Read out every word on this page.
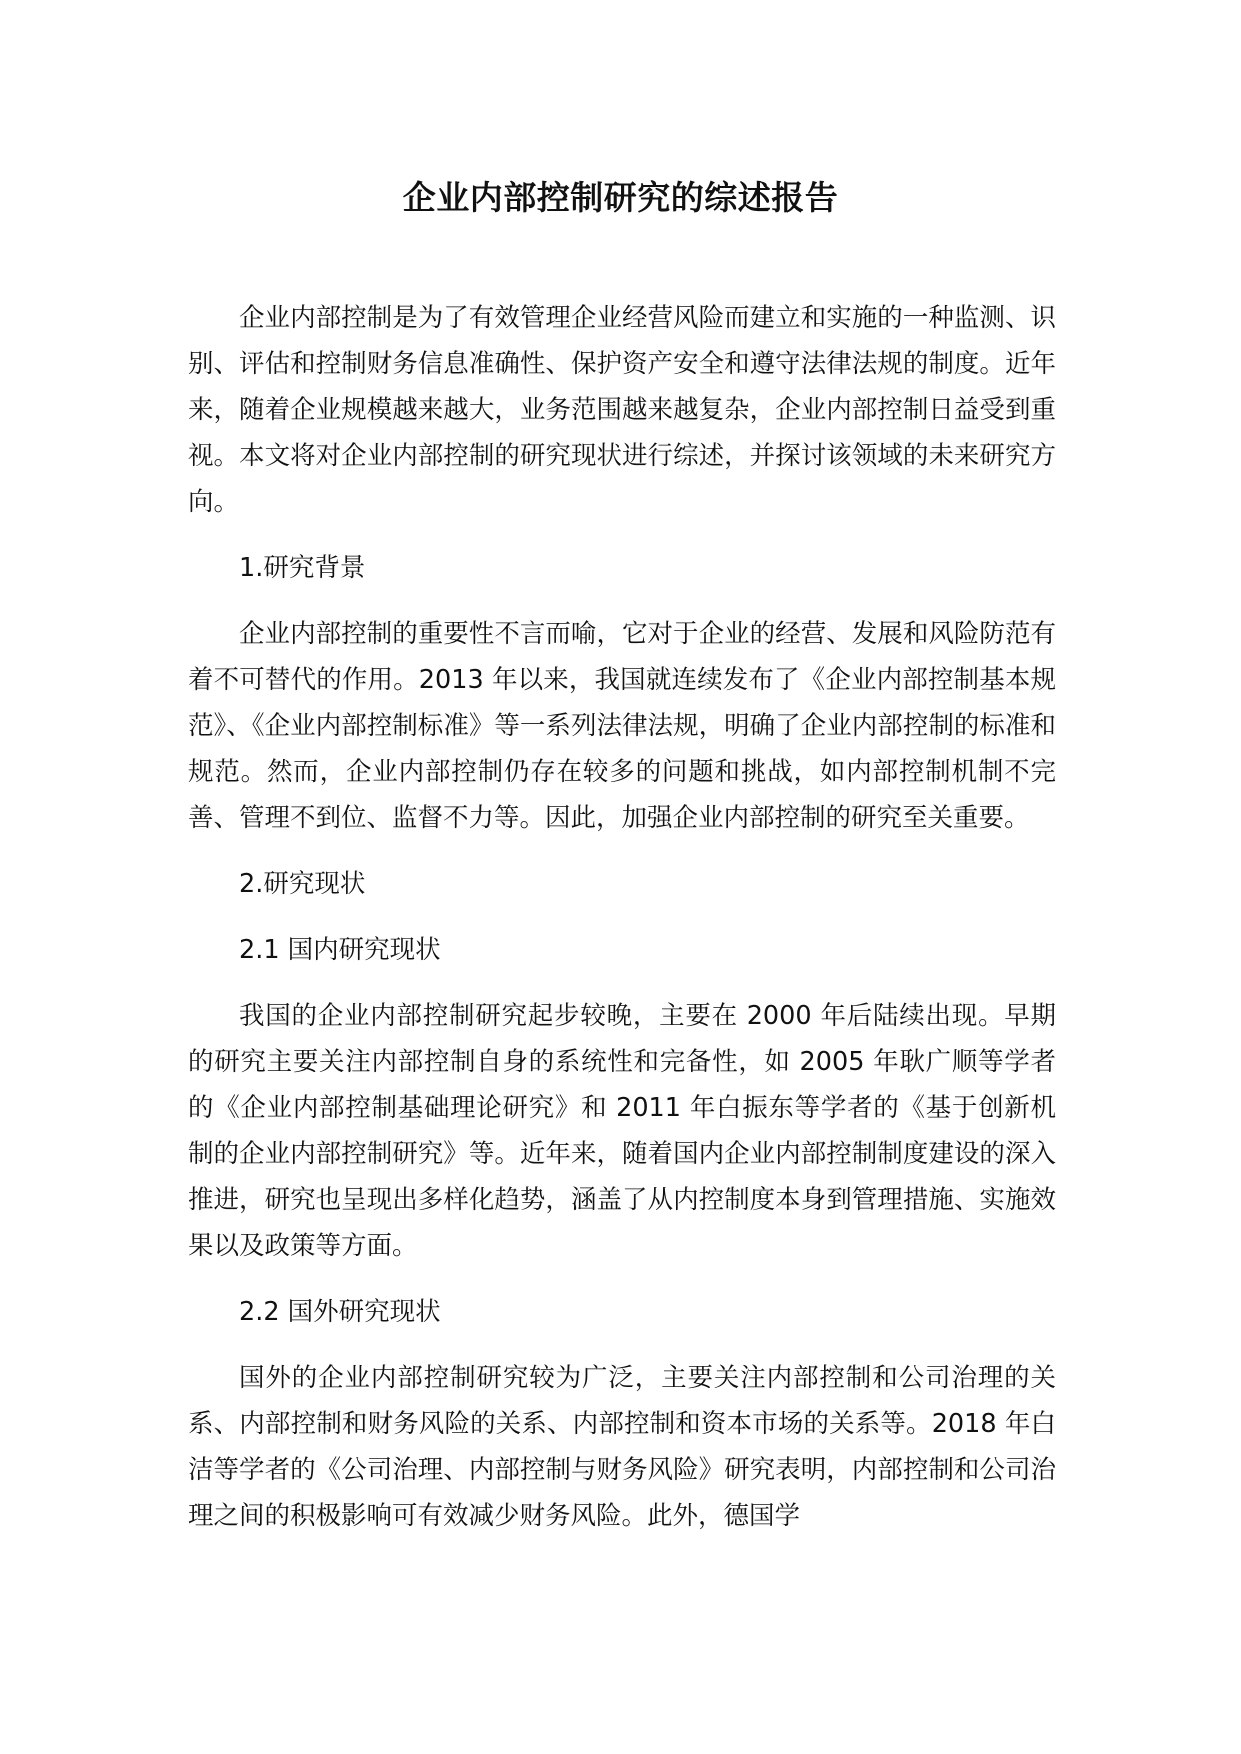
企业内部控制研究的综述报告

企业内部控制是为了有效管理企业经营风险而建立和实施的一种监测、识别、评估和控制财务信息准确性、保护资产安全和遵守法律法规的制度。近年来，随着企业规模越来越大，业务范围越来越复杂，企业内部控制日益受到重视。本文将对企业内部控制的研究现状进行综述，并探讨该领域的未来研究方向。

1.研究背景

企业内部控制的重要性不言而喻，它对于企业的经营、发展和风险防范有着不可替代的作用。2013 年以来，我国就连续发布了《企业内部控制基本规范》、《企业内部控制标准》等一系列法律法规，明确了企业内部控制的标准和规范。然而，企业内部控制仍存在较多的问题和挑战，如内部控制机制不完善、管理不到位、监督不力等。因此，加强企业内部控制的研究至关重要。

2.研究现状

2.1 国内研究现状

我国的企业内部控制研究起步较晚，主要在 2000 年后陆续出现。早期的研究主要关注内部控制自身的系统性和完备性，如 2005 年耿广顺等学者的《企业内部控制基础理论研究》和 2011 年白振东等学者的《基于创新机制的企业内部控制研究》等。近年来，随着国内企业内部控制制度建设的深入推进，研究也呈现出多样化趋势，涵盖了从内控制度本身到管理措施、实施效果以及政策等方面。

2.2 国外研究现状

国外的企业内部控制研究较为广泛，主要关注内部控制和公司治理的关系、内部控制和财务风险的关系、内部控制和资本市场的关系等。2018 年白洁等学者的《公司治理、内部控制与财务风险》研究表明，内部控制和公司治理之间的积极影响可有效减少财务风险。此外，德国学
